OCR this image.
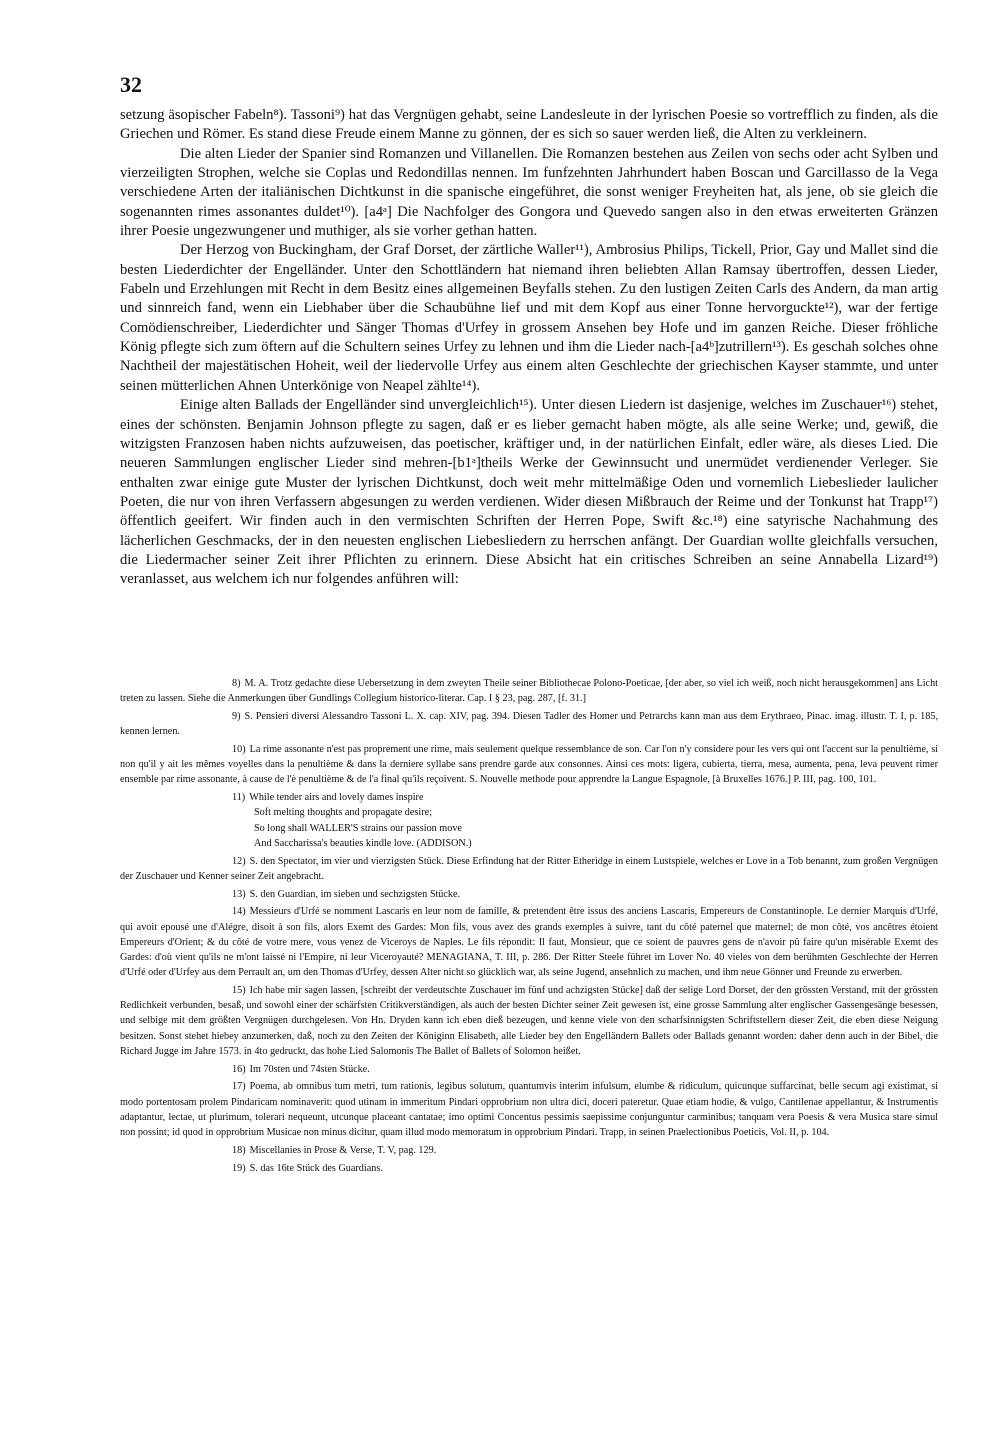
32

setzung äsopischer Fabeln⁸). Tassoni⁹) hat das Vergnügen gehabt, seine Landesleute in der lyrischen Poesie so vortrefflich zu finden, als die Griechen und Römer. Es stand diese Freude einem Manne zu gönnen, der es sich so sauer werden ließ, die Alten zu verkleinern.

Die alten Lieder der Spanier sind Romanzen und Villanellen. Die Romanzen bestehen aus Zeilen von sechs oder acht Sylben und vierzeiligten Strophen, welche sie Coplas und Redondillas nennen. Im funfzehnten Jahrhundert haben Boscan und Garcillasso de la Vega verschiedene Arten der italiänischen Dichtkunst in die spanische eingeführet, die sonst weniger Freyheiten hat, als jene, ob sie gleich die sogenannten rimes assonantes duldet¹⁰). [a4ᵃ] Die Nachfolger des Gongora und Quevedo sangen also in den etwas erweiterten Gränzen ihrer Poesie ungezwungener und muthiger, als sie vorher gethan hatten.

Der Herzog von Buckingham, der Graf Dorset, der zärtliche Waller¹¹), Ambrosius Philips, Tickell, Prior, Gay und Mallet sind die besten Liederdichter der Engelländer. Unter den Schottländern hat niemand ihren beliebten Allan Ramsay übertroffen, dessen Lieder, Fabeln und Erzehlungen mit Recht in dem Besitz eines allgemeinen Beyfalls stehen. Zu den lustigen Zeiten Carls des Andern, da man artig und sinnreich fand, wenn ein Liebhaber über die Schaubühne lief und mit dem Kopf aus einer Tonne hervorguckte¹²), war der fertige Comödienschreiber, Liederdichter und Sänger Thomas d'Urfey in grossem Ansehen bey Hofe und im ganzen Reiche. Dieser fröhliche König pflegte sich zum öftern auf die Schultern seines Urfey zu lehnen und ihm die Lieder nach-[a4ᵇ]zutrillern¹³). Es geschah solches ohne Nachtheil der majestätischen Hoheit, weil der liedervolle Urfey aus einem alten Geschlechte der griechischen Kayser stammte, und unter seinen mütterlichen Ahnen Unterkönige von Neapel zählte¹⁴).

Einige alten Ballads der Engelländer sind unvergleichlich¹⁵). Unter diesen Liedern ist dasjenige, welches im Zuschauer¹⁶) stehet, eines der schönsten. Benjamin Johnson pflegte zu sagen, daß er es lieber gemacht haben mögte, als alle seine Werke; und, gewiß, die witzigsten Franzosen haben nichts aufzuweisen, das poetischer, kräftiger und, in der natürlichen Einfalt, edler wäre, als dieses Lied. Die neueren Sammlungen englischer Lieder sind mehren-[b1ᵃ]theils Werke der Gewinnsucht und unermüdet verdienender Verleger. Sie enthalten zwar einige gute Muster der lyrischen Dichtkunst, doch weit mehr mittelmäßige Oden und vornemlich Liebeslieder laulicher Poeten, die nur von ihren Verfassern abgesungen zu werden verdienen. Wider diesen Mißbrauch der Reime und der Tonkunst hat Trapp¹⁷) öffentlich geeifert. Wir finden auch in den vermischten Schriften der Herren Pope, Swift &c.¹⁸) eine satyrische Nachahmung des lächerlichen Geschmacks, der in den neuesten englischen Liebesliedern zu herrschen anfängt. Der Guardian wollte gleichfalls versuchen, die Liedermacher seiner Zeit ihrer Pflichten zu erinnern. Diese Absicht hat ein critisches Schreiben an seine Annabella Lizard¹⁹) veranlasset, aus welchem ich nur folgendes anführen will:

8) M. A. Trotz gedachte diese Uebersetzung in dem zweyten Theile seiner Bibliothecae Polono-Poeticae, [der aber, so viel ich weiß, noch nicht herausgekommen] ans Licht treten zu lassen. Siehe die Anmerkungen über Gundlings Collegium historico-literar. Cap. I § 23, pag. 287, [f. 31.]

9) S. Pensieri diversi Alessandro Tassoni L. X. cap. XIV, pag. 394. Diesen Tadler des Homer und Petrarchs kann man aus dem Erythraeo, Pinac. imag. illustr. T. I, p. 185, kennen lernen.

10) La rime assonante n'est pas proprement une rime, mais seulement quelque ressemblance de son. Car l'on n'y considere pour les vers qui ont l'accent sur la penultième, si non qu'il y ait les mêmes voyelles dans la penultième & dans la derniere syllabe sans prendre garde aux consonnes. Ainsi ces mots: ligera, cubierta, tierra, mesa, aumenta, pena, leva peuvent rimer ensemble par rime assonante, à cause de l'è penultième & de l'a final qu'ils reçoivent. S. Nouvelle methode pour apprendre la Langue Espagnole, [à Bruxelles 1676.] P. III, pag. 100, 101.

11) While tender airs and lovely dames inspire
Soft melting thoughts and propagate desire;
So long shall WALLER'S strains our passion move
And Saccharissa's beauties kindle love. (ADDISON.)

12) S. den Spectator, im vier und vierzigsten Stück. Diese Erfindung hat der Ritter Etheridge in einem Lustspiele, welches er Love in a Tob benannt, zum großen Vergnügen der Zuschauer und Kenner seiner Zeit angebracht.

13) S. den Guardian, im sieben und sechzigsten Stücke.

14) Messieurs d'Urfé se nomment Lascaris en leur nom de famille, & pretendent être issus des anciens Lascaris, Empereurs de Constantinople. Le dernier Marquis d'Urfé, qui avoit epousé une d'Alégre, disoit à son fils, alors Exemt des Gardes: Mon fils, vous avez des grands exemples à suivre, tant du côté paternel que maternel; de mon côté, vos ancêtres étoient Empereurs d'Orient; & du côté de votre mere, vous venez de Viceroys de Naples. Le fils répondit: Il faut, Monsieur, que ce soient de pauvres gens de n'avoir pû faire qu'un misérable Exemt des Gardes: d'où vient qu'ils ne m'ont laissé ni l'Empire, ni leur Viceroyauté? MENAGIANA, T. III, p. 286. Der Ritter Steele führet im Lover No. 40 vieles von dem berühmten Geschlechte der Herren d'Urfé oder d'Urfey aus dem Perrault an, um den Thomas d'Urfey, dessen Alter nicht so glücklich war, als seine Jugend, ansehnlich zu machen, und ihm neue Gönner und Freunde zu erwerben.

15) Ich habe mir sagen lassen, [schreibt der verdeutschte Zuschauer im fünf und achzigsten Stücke] daß der selige Lord Dorset, der den grössten Verstand, mit der grössten Redlichkeit verbunden, besaß, und sowohl einer der schärfsten Critikverständigen, als auch der besten Dichter seiner Zeit gewesen ist, eine grosse Sammlung alter englischer Gassengesänge besessen, und selbige mit dem größten Vergnügen durchgelesen. Von Hn. Dryden kann ich eben dieß bezeugen, und kenne viele von den scharfsinnigsten Schriftstellern dieser Zeit, die eben diese Neigung besitzen. Sonst stehet hiebey anzumerken, daß, noch zu den Zeiten der Königinn Elisabeth, alle Lieder bey den Engelländern Ballets oder Ballads genannt worden: daher denn auch in der Bibel, die Richard Jugge im Jahre 1573. in 4to gedruckt, das hohe Lied Salomonis The Ballet of Ballets of Solomon heißet.

16) Im 70sten und 74sten Stücke.

17) Poema, ab omnibus tum metri, tum rationis, legibus solutum, quantumvis interim infulsum, elumbe & ridiculum, quicunque suffarcinat, belle secum agi existimat, si modo portentosam prolem Pindaricam nominaverit: quod utinam in immeritum Pindari opprobrium non ultra dici, doceri pateretur. Quae etiam hodie, & vulgo, Cantilenae appellantur, & Instrumentis adaptantur, lectae, ut plurimum, tolerari nequeunt, utcunque placeant cantatae; imo optimi Concentus pessimis saepissime conjunguntur carminibus; tanquam vera Poesis & vera Musica stare simul non possint; id quod in opprobrium Musicae non minus dicitur, quam illud modo memoratum in opprobrium Pindari. Trapp, in seinen Praelectionibus Poeticis, Vol. II, p. 104.

18) Miscellanies in Prose & Verse, T. V, pag. 129.

19) S. das 16te Stück des Guardians.
